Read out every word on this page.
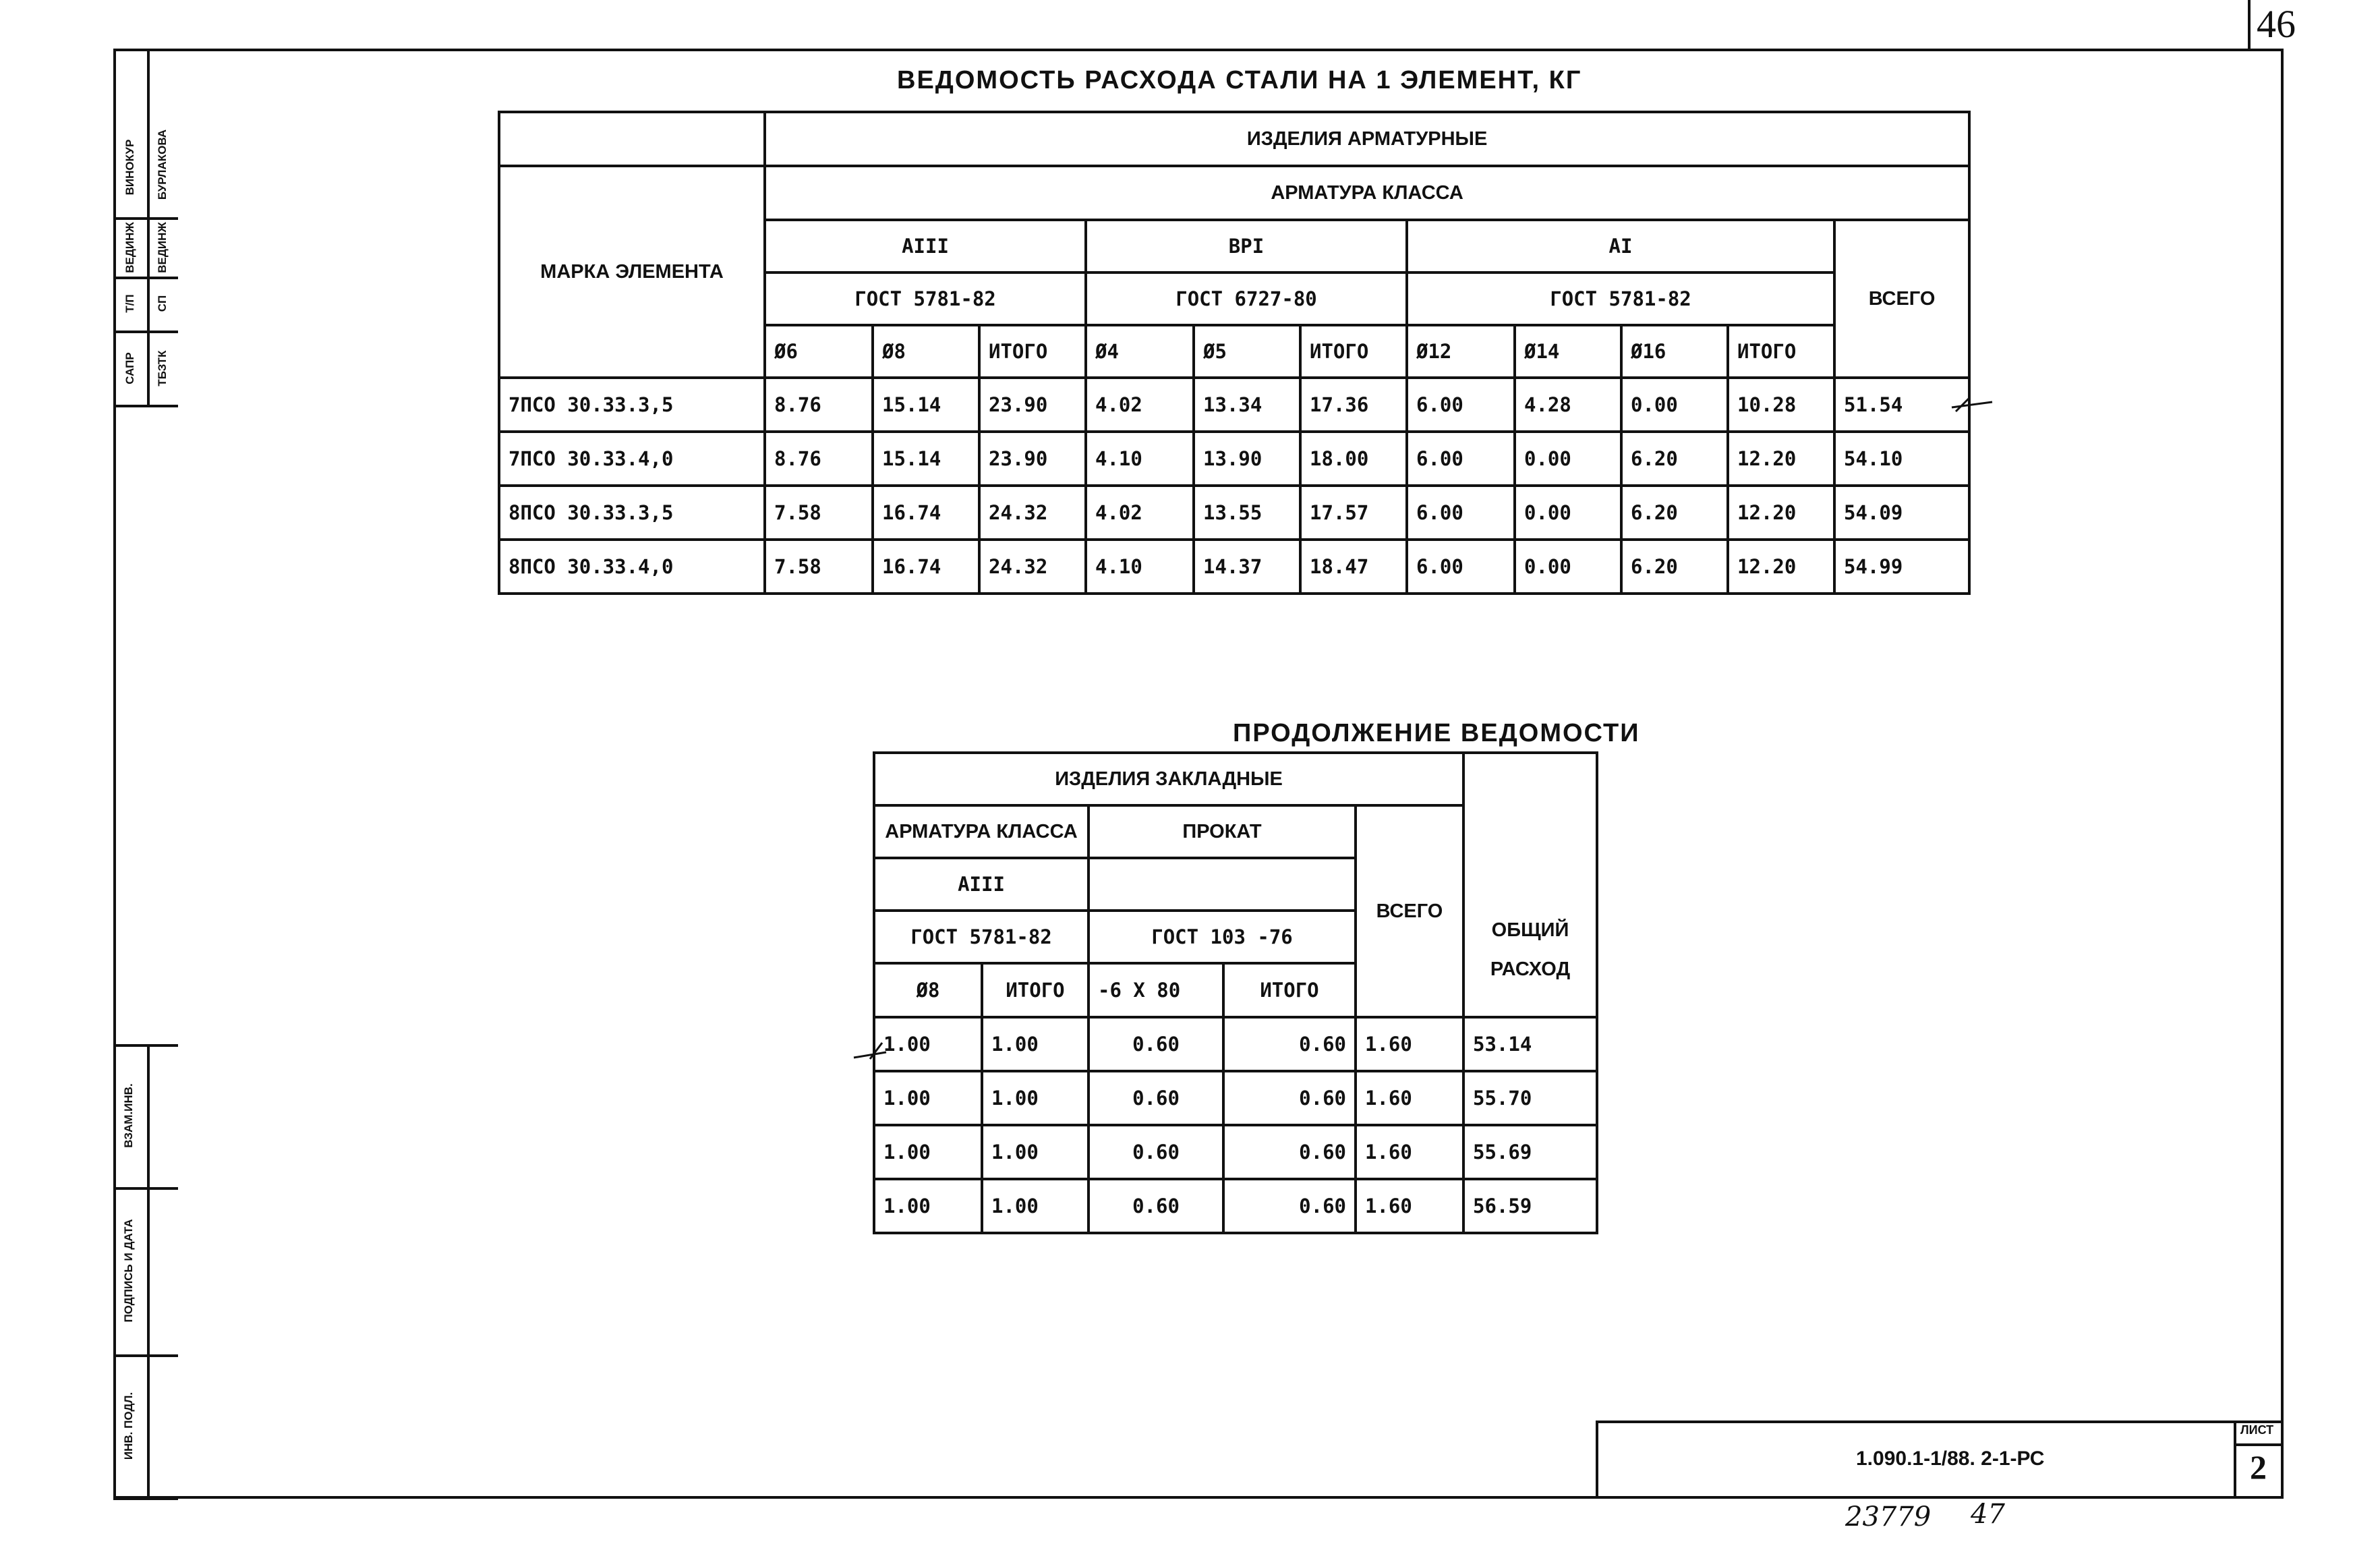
46
САПР
Т/П
ВЕДИНЖ
ВИНОКУР
ТБЗТК
СП
ВЕДИНЖ
БУРЛАКОВА
ВЗАМ.ИНВ.
ПОДПИСЬ И ДАТА
ИНВ. ПОДЛ.
ВЕДОМОСТЬ РАСХОДА СТАЛИ НА 1 ЭЛЕМЕНТ, КГ
	ИЗДЕЛИЯ АРМАТУРНЫЕ										
МАРКА ЭЛЕМЕНТА	АРМАТУРА КЛАССА										
	AIII			ВРI			AI				ВСЕГО
	ГОСТ 5781-82			ГОСТ 6727-80			ГОСТ 5781-82				
	Ø6	Ø8	ИТОГО	Ø4	Ø5	ИТОГО	Ø12	Ø14	Ø16	ИТОГО	
7ПСО 30.33.3,5	8.76	15.14	23.90	4.02	13.34	17.36	6.00	4.28	0.00	10.28	51.54
7ПСО 30.33.4,0	8.76	15.14	23.90	4.10	13.90	18.00	6.00	0.00	6.20	12.20	54.10
8ПСО 30.33.3,5	7.58	16.74	24.32	4.02	13.55	17.57	6.00	0.00	6.20	12.20	54.09
8ПСО 30.33.4,0	7.58	16.74	24.32	4.10	14.37	18.47	6.00	0.00	6.20	12.20	54.99
ПРОДОЛЖЕНИЕ ВЕДОМОСТИ
ИЗДЕЛИЯ ЗАКЛАДНЫЕ					ОБЩИЙ
РАСХОД

АРМАТУРА КЛАССА		ПРОКАТ		ВСЕГО	
AIII					
ГОСТ 5781-82		ГОСТ 103 -76			
Ø8	ИТОГО	-6 X 80	ИТОГО		
1.00	1.00	0.60	0.60	1.60	53.14
1.00	1.00	0.60	0.60	1.60	55.70
1.00	1.00	0.60	0.60	1.60	55.69
1.00	1.00	0.60	0.60	1.60	56.59
1.090.1-1/88. 2-1-РС
ЛИСТ
2
23779 47
